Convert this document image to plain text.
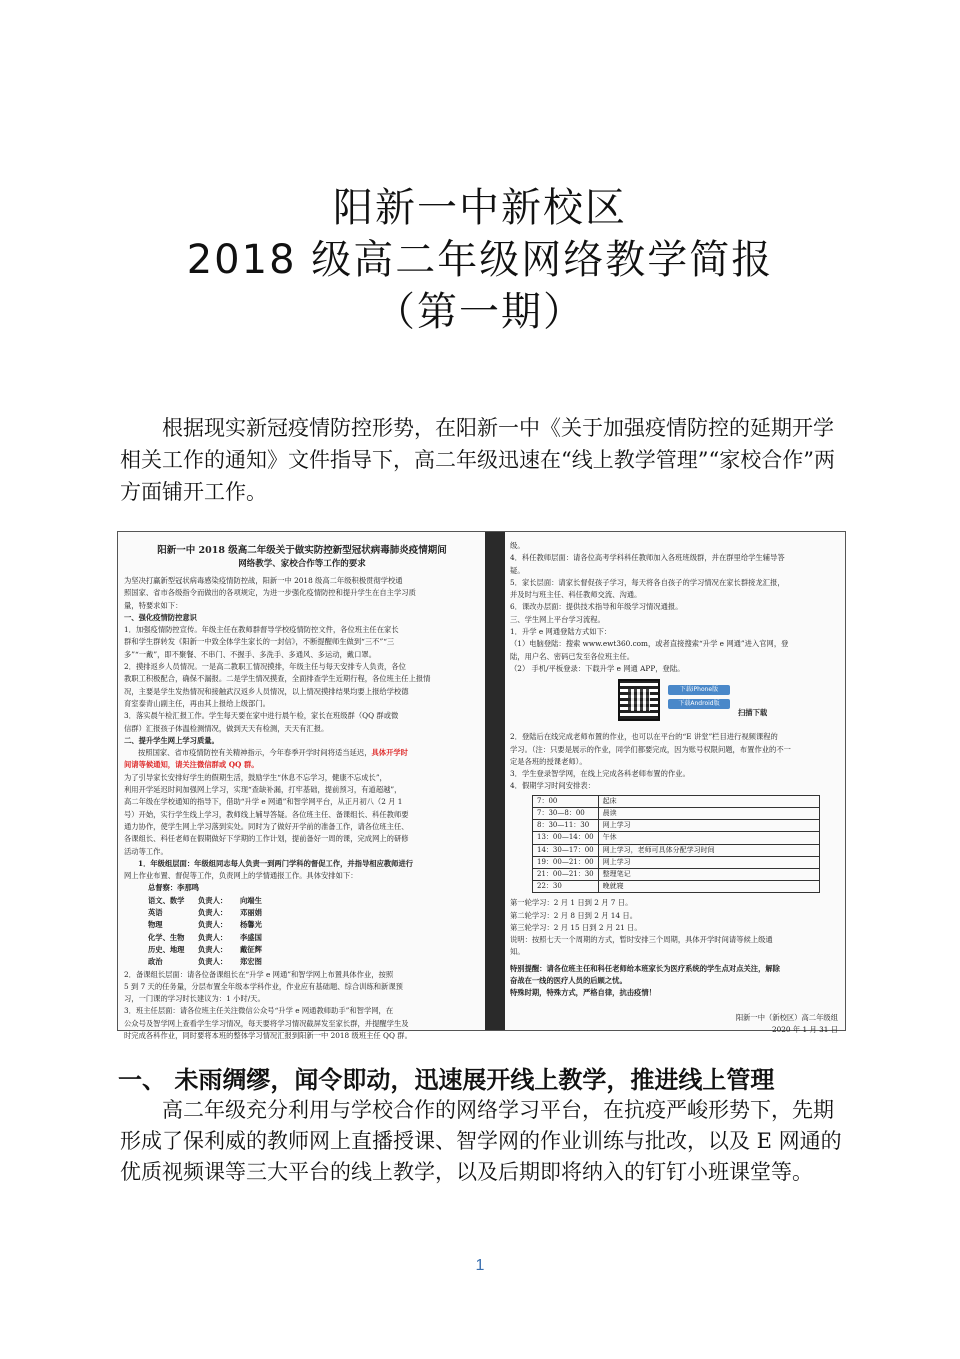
阳新一中新校区
2018 级高二年级网络教学简报
（第一期）

根据现实新冠疫情防控形势，在阳新一中《关于加强疫情防控的延期开学相关工作的通知》文件指导下，高二年级迅速在“线上教学管理”“家校合作”两方面铺开工作。

阳新一中 2018 级高二年级关于做实防控新型冠状病毒肺炎疫情期间
网络教学、家校合作等工作的要求
为坚决打赢新型冠状病毒感染疫情防控战，阳新一中 2018 级高二年级积极贯彻学校通
照国家、省市各级指令而做出的各项规定，为进一步强化疫情防控和提升学生在自主学习质
量，特要求如下：
一、强化疫情防控意识
1．加强疫情防控宣传。年级主任在教师群督导学校疫情防控文件，各位班主任在家长
群和学生群转发《阳新一中致全体学生家长的一封信》，不断提醒师生做到“三不”“三
多”“一戴”，即不聚餐、不串门、不握手、多洗手、多通风、多运动，戴口罩。
2．摸排返乡人员情况。一是高二教职工情况摸排，年级主任与每天安排专人负责，各位
教职工积极配合，确保不漏报。二是学生情况摸查，全面排查学生近期行程，各位班主任上报情
况，主要是学生发热情况和接触武汉返乡人员情况，以上情况摸排结果均要上报给学校德
育室泰青山副主任，再由其上报给上级部门。
3．落实晨午检汇报工作。学生每天要在家中进行晨午检，家长在班级群（QQ 群或微
信群）汇报孩子体温检测情况，做到天天有检测，天天有汇报。
二、提升学生网上学习质量。
按照国家、省市疫情防控有关精神指示，今年春季开学时间将适当延迟，具体开学时
间请等候通知，请关注微信群或 QQ 群。
为了引导家长安排好学生的假期生活，鼓励学生“休息不忘学习，健康不忘成长”，
利用开学延迟时间加强网上学习，实现“查缺补漏，打牢基础，提前预习，有道超越”，
高二年级在学校通知的指导下，借助“升学 e 网通”和智学网平台，从正月初八（2 月 1
号）开始，实行学生线上学习，教师线上辅导答疑。各位班主任、备课组长、科任教师要
通力协作，使学生网上学习落到实处。同时为了做好开学前的准备工作，请各位班主任、
各课组长、科任老师在假期做好下学期的工作计划，提前备好一周的课，完成网上的研修
活动等工作。
1．年级组层面：年级组同志每人负责一到两门学科的督促工作，并指导相应教师进行
网上作业布置、督促等工作，负责网上的学情通报工作。具体安排如下：
总督察：李那鸣
语文、数学 负责人： 向端生
英语	负责人： 邓丽娟
物理	负责人： 杨馨光
化学、生物 负责人： 李盛国
历史、地理 负责人： 戴征辉
政治	负责人： 郑宏图
2．备课组长层面：请各位备课组长在“升学 e 网通”和智学网上布置具体作业，按照
5 到 7 天的任务量，分层布置全年级本学科作业，作业应有基础题、综合训练和新课预
习，一门课的学习时长建议为：1 小时/天。
3．班主任层面：请各位班主任关注微信公众号“升学 e 网通教师助手”和智学网，在
公众号及智学网上查看学生学习情况，每天要将学习情况截屏发至家长群，并提醒学生及
时完成各科作业，同时要将本班的整体学习情况汇报到阳新一中 2018 级班主任 QQ 群。
级。
4．科任教师层面：请各位高考学科科任教师加入各班班级群，并在群里给学生辅导答
疑。
5．家长层面：请家长督促孩子学习，每天将各自孩子的学习情况在家长群接龙汇报，
并及时与班主任、科任教师交流、沟通。
6．课改办层面：提供技术指导和年级学习情况通报。
三、学生网上平台学习流程。
1．升学 e 网通登陆方式如下：
（1）电脑登陆：搜索 www.ewt360.com，或者直接搜索“升学 e 网通”进入官网，登
陆，用户名、密码已发至各位班主任。
（2） 手机/平板登录：下载升学 e 网通 APP，登陆。
下载iPhone版
下载Android版
扫描下载
2．登陆后在线完成老师布置的作业，也可以在平台的“E 讲堂”栏目进行视频课程的
学习。（注：只要是展示的作业，同学们都要完成，因为账号权限问题，布置作业的不一
定是各班的授课老师）。
3．学生登录智学网，在线上完成各科老师布置的作业。
4．假期学习时间安排表：
7：00	起床
7：30—8：00	晨读
8：30—11：30	网上学习
13：00—14：00	午休
14：30—17：00	网上学习，老师可具体分配学习时间
19：00—21：00	网上学习
21：00—21：30	整理笔记
22：30	晚就寝
第一轮学习：2 月 1 日到 2 月 7 日。
第二轮学习：2 月 8 日到 2 月 14 日。
第三轮学习：2 月 15 日到 2 月 21 日。
说明：按照七天一个周期的方式，暂时安排三个周期，具体开学时间请等候上级通
知。
特别提醒：请各位班主任和科任老师给本班家长为医疗系统的学生点对点关注，解除
奋战在一线的医疗人员的后顾之忧。
特殊时期，特殊方式，严格自律，抗击疫情！
阳新一中（新校区）高二年级组
2020 年 1 月 31 日
一、 未雨绸缪，闻令即动，迅速展开线上教学，推进线上管理

高二年级充分利用与学校合作的网络学习平台，在抗疫严峻形势下，先期形成了保利威的教师网上直播授课、智学网的作业训练与批改，以及 E 网通的优质视频课等三大平台的线上教学，以及后期即将纳入的钉钉小班课堂等。

1
